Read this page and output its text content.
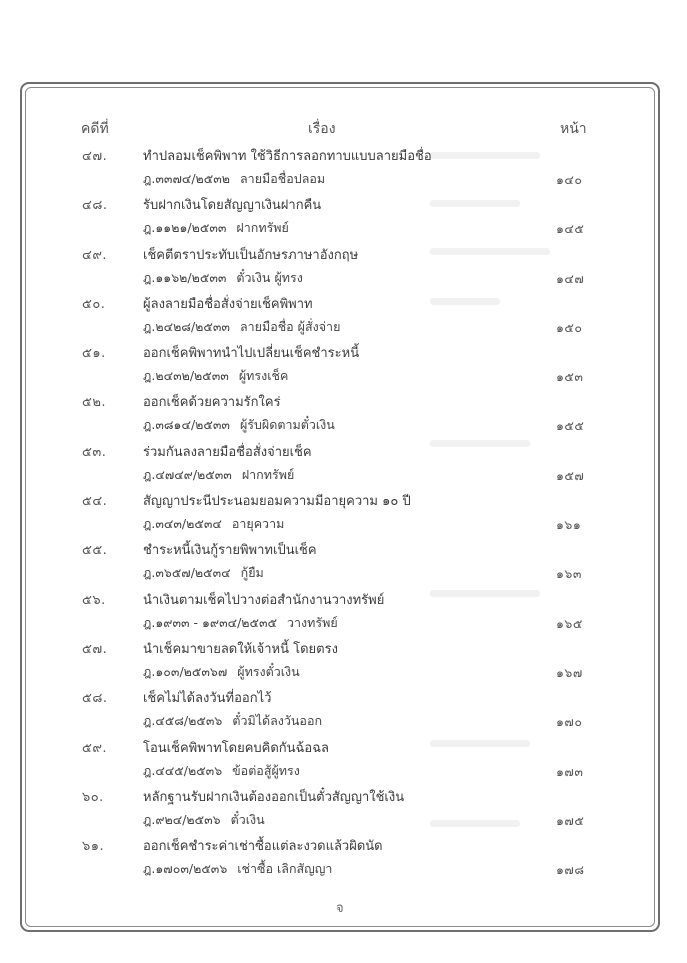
คดีที่	เรื่อง	หน้า
๔๗.	ทำปลอมเช็คพิพาท ใช้วิธีการลอกทาบแบบลายมือชื่อ
ฎ.๓๓๗๔/๒๕๓๒ ลายมือชื่อปลอม	๑๔๐
๔๘.	รับฝากเงินโดยสัญญาเงินฝากคืน
ฎ.๑๑๒๑/๒๕๓๓ ฝากทรัพย์	๑๔๕
๔๙.	เช็คตีตราประทับเป็นอักษรภาษาอังกฤษ
ฎ.๑๑๖๒/๒๕๓๓ ตั๋วเงิน ผู้ทรง	๑๔๗
๕๐.	ผู้ลงลายมือชื่อสั่งจ่ายเช็คพิพาท
ฎ.๒๔๒๘/๒๕๓๓ ลายมือชื่อ ผู้สั่งจ่าย	๑๕๐
๕๑.	ออกเช็คพิพาทนำไปเปลี่ยนเช็คชำระหนี้
ฎ.๒๔๓๒/๒๕๓๓ ผู้ทรงเช็ค	๑๕๓
๕๒.	ออกเช็คด้วยความรักใคร่
ฎ.๓๘๑๔/๒๕๓๓ ผู้รับผิดตามตั๋วเงิน	๑๕๕
๕๓.	ร่วมกันลงลายมือชื่อสั่งจ่ายเช็ค
ฎ.๔๗๔๙/๒๕๓๓ ฝากทรัพย์	๑๕๗
๕๔.	สัญญาประนีประนอมยอมความมีอายุความ ๑๐ ปี
ฎ.๓๔๓/๒๕๓๔ อายุความ	๑๖๑
๕๕.	ชำระหนี้เงินกู้รายพิพาทเป็นเช็ค
ฎ.๓๖๕๗/๒๕๓๔ กู้ยืม	๑๖๓
๕๖.	นำเงินตามเช็คไปวางต่อสำนักงานวางทรัพย์
ฎ.๑๙๓๓ - ๑๙๓๔/๒๕๓๕ วางทรัพย์	๑๖๕
๕๗.	นำเช็คมาขายลดให้เจ้าหนี้ โดยตรง
ฎ.๑๐๓/๒๕๓๖๗ ผู้ทรงตั๋วเงิน	๑๖๗
๕๘.	เช็คไม่ได้ลงวันที่ออกไว้
ฎ.๔๕๘/๒๕๓๖ ตั๋วมิได้ลงวันออก	๑๗๐
๕๙.	โอนเช็คพิพาทโดยคบคิดกันฉ้อฉล
ฎ.๔๔๕/๒๕๓๖ ข้อต่อสู้ผู้ทรง	๑๗๓
๖๐.	หลักฐานรับฝากเงินต้องออกเป็นตั๋วสัญญาใช้เงิน
ฎ.๙๒๔/๒๕๓๖ ตั๋วเงิน	๑๗๕
๖๑.	ออกเช็คชำระค่าเช่าซื้อแต่ละงวดแล้วผิดนัด
ฎ.๑๗๐๓/๒๕๓๖ เช่าซื้อ เลิกสัญญา	๑๗๘
จ
